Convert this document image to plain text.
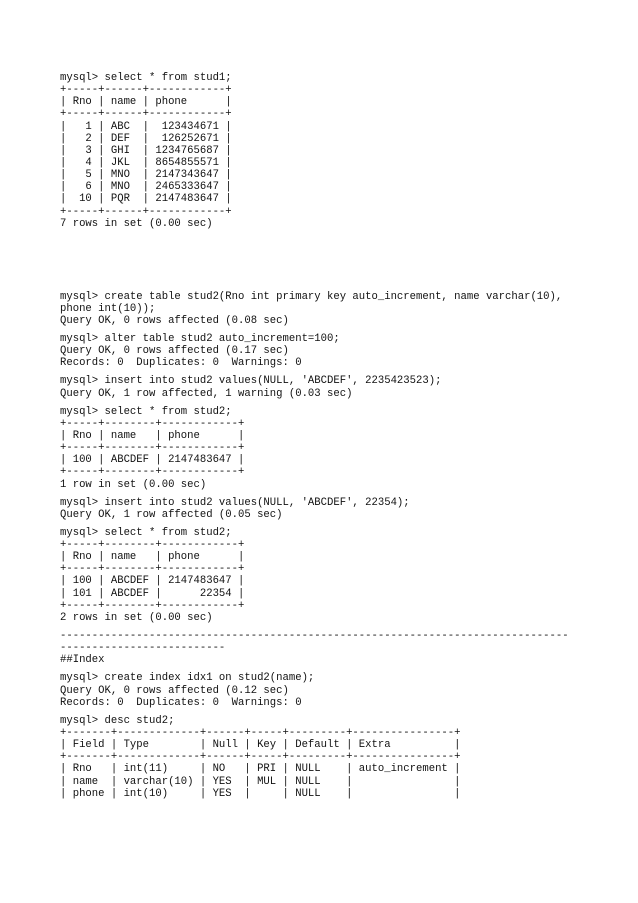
mysql> select * from stud1;
+-----+------+------------+
| Rno | name | phone      |
+-----+------+------------+
|   1 | ABC  |  123434671 |
|   2 | DEF  |  126252671 |
|   3 | GHI  | 1234765687 |
|   4 | JKL  | 8654855571 |
|   5 | MNO  | 2147343647 |
|   6 | MNO  | 2465333647 |
|  10 | PQR  | 2147483647 |
+-----+------+------------+
7 rows in set (0.00 sec)
mysql> create table stud2(Rno int primary key auto_increment, name varchar(10),
phone int(10));
Query OK, 0 rows affected (0.08 sec)
mysql> alter table stud2 auto_increment=100;
Query OK, 0 rows affected (0.17 sec)
Records: 0  Duplicates: 0  Warnings: 0
mysql> insert into stud2 values(NULL, 'ABCDEF', 2235423523);
Query OK, 1 row affected, 1 warning (0.03 sec)
mysql> select * from stud2;
+-----+--------+------------+
| Rno | name   | phone      |
+-----+--------+------------+
| 100 | ABCDEF | 2147483647 |
+-----+--------+------------+
1 row in set (0.00 sec)
mysql> insert into stud2 values(NULL, 'ABCDEF', 22354);
Query OK, 1 row affected (0.05 sec)
mysql> select * from stud2;
+-----+--------+------------+
| Rno | name   | phone      |
+-----+--------+------------+
| 100 | ABCDEF | 2147483647 |
| 101 | ABCDEF |      22354 |
+-----+--------+------------+
2 rows in set (0.00 sec)
--------------------------------------------------------------------------------
--------------------------
##Index
mysql> create index idx1 on stud2(name);
Query OK, 0 rows affected (0.12 sec)
Records: 0  Duplicates: 0  Warnings: 0
mysql> desc stud2;
+-------+-------------+------+-----+---------+----------------+
| Field | Type        | Null | Key | Default | Extra          |
+-------+-------------+------+-----+---------+----------------+
| Rno   | int(11)     | NO   | PRI | NULL    | auto_increment |
| name  | varchar(10) | YES  | MUL | NULL    |                |
| phone | int(10)     | YES  |     | NULL    |                |
